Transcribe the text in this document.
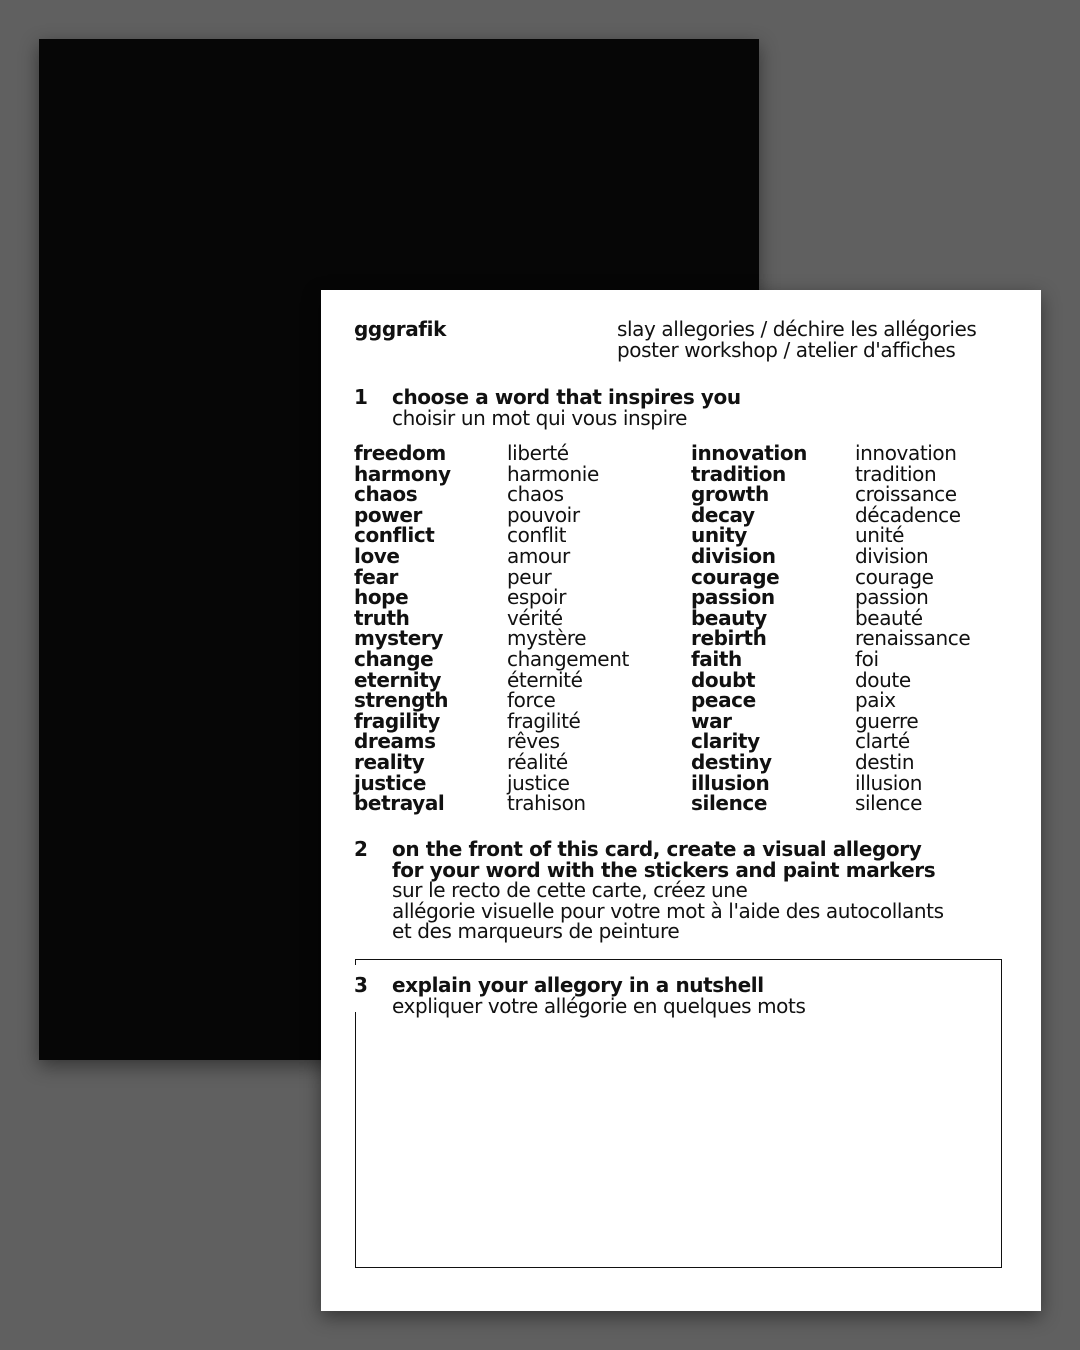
gggrafik	slay allegories / déchire les allégories
poster workshop / atelier d'affiches
1 choose a word that inspires you
choisir un mot qui vous inspire
freedom
harmony
chaos
power
conflict
love
fear
hope
truth
mystery
change
eternity
strength
fragility
dreams
reality
justice
betrayal
liberté
harmonie
chaos
pouvoir
conflit
amour
peur
espoir
vérité
mystère
changement
éternité
force
fragilité
rêves
réalité
justice
trahison
innovation
tradition
growth
decay
unity
division
courage
passion
beauty
rebirth
faith
doubt
peace
war
clarity
destiny
illusion
silence
innovation
tradition
croissance
décadence
unité
division
courage
passion
beauté
renaissance
foi
doute
paix
guerre
clarté
destin
illusion
silence
2 on the front of this card, create a visual allegory
for your word with the stickers and paint markers
sur le recto de cette carte, créez une
allégorie visuelle pour votre mot à l'aide des autocollants
et des marqueurs de peinture
3 explain your allegory in a nutshell
expliquer votre allégorie en quelques mots
